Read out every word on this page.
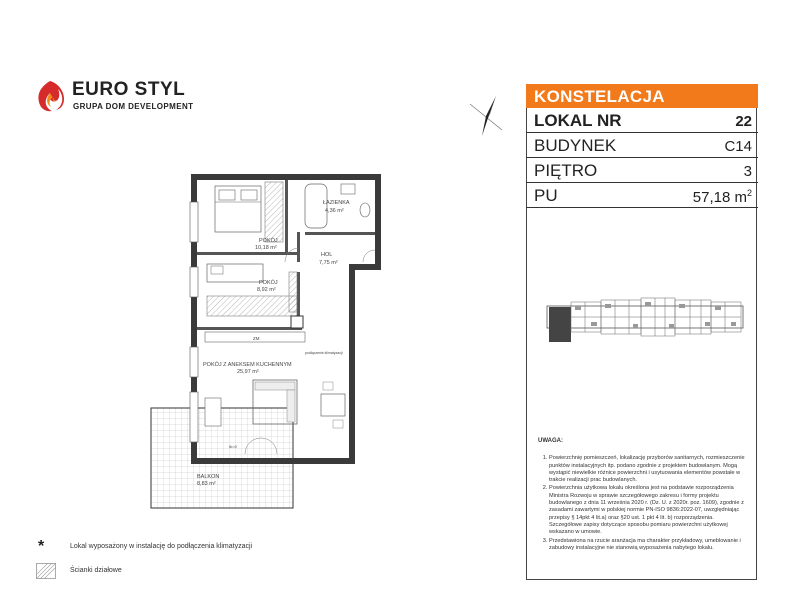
EURO STYL
GRUPA DOM DEVELOPMENT
KONSTELACJA
LOKAL NR	22
BUDYNEK	C14
PIĘTRO	3
PU	57,18 $m^2$
UWAGA:
1. Powierzchnię pomieszczeń, lokalizację przyborów sanitarnych, rozmieszczenie punktów instalacyjnych itp. podano zgodnie z projektem budowlanym. Mogą wystąpić niewielkie różnice powierzchni i usytuowania elementów powstałe w trakcie realizacji prac budowlanych.
2. Powierzchnia użytkowa lokalu określona jest na podstawie rozporządzenia Ministra Rozwoju w sprawie szczegółowego zakresu i formy projektu budowlanego z dnia 11 września 2020 r. (Dz. U. z 2020r. poz. 1609), zgodnie z zasadami zawartymi w polskiej normie PN-ISO 9836:2022-07, uwzględniając przepisy § 14pkt 4 lit.a) oraz §20 ust. 1 pkt 4 lit. b) rozporządzenia. Szczegółowe zapisy dotyczące sposobu pomiaru powierzchni użytkowej wskazano w umowie.
3. Przedstawiona na rzucie aranżacja ma charakter przykładowy, umeblowanie i zabudowy instalacyjne nie stanowią wyposażenia nabytego lokalu.
ŁAZIENKA
4,36 m²
POKÓJ
10,18 m²
HOL
7,75 m²
POKÓJ
8,92 m²
POKÓJ Z ANEKSEM KUCHENNYM
25,97 m²
BALKON
8,83 m²
ZM
podłączenie klimatyzacji
Ib=0
*	Lokal wyposażony w instalację do podłączenia klimatyzacji
Ścianki działowe
